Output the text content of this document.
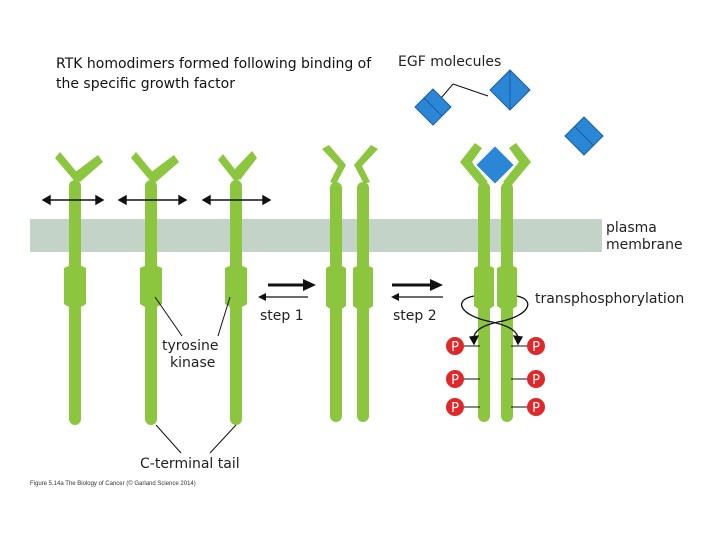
RTK homodimers formed following binding of
the specific growth factor
P
P
P
P
P
P
EGF molecules
plasma
membrane
transphosphorylation
step 1	step 2
tyrosine
kinase
C-terminal tail
Figure 5.14a The Biology of Cancer (© Garland Science 2014)
